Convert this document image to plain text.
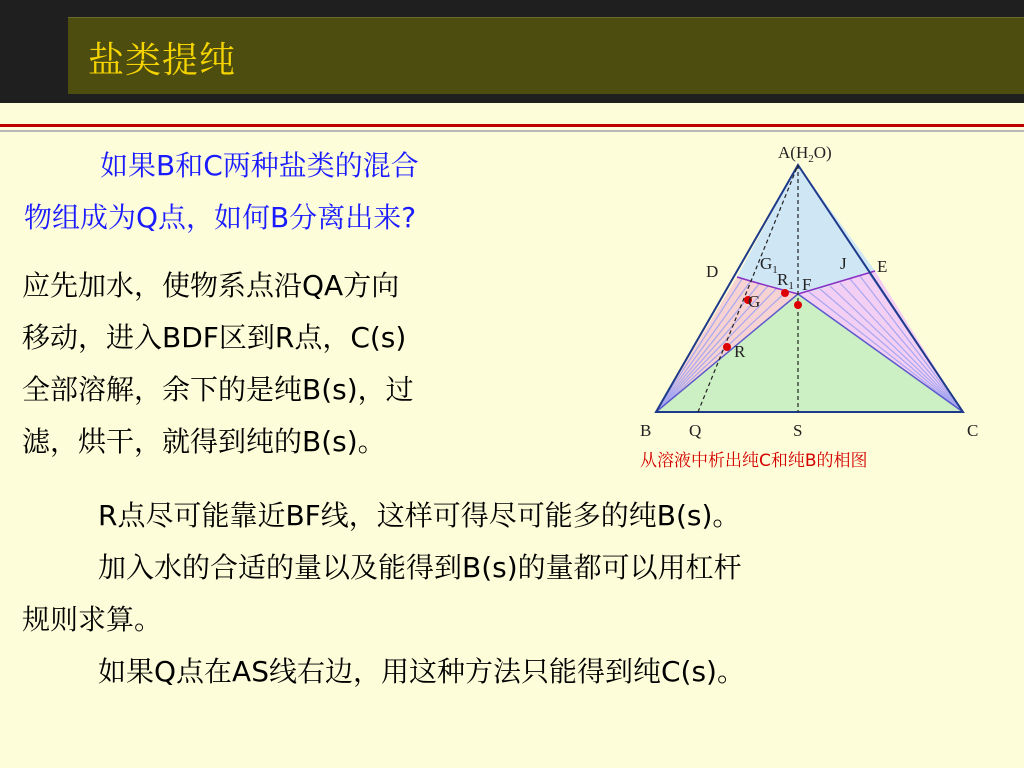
盐类提纯
如果B和C两种盐类的混合
物组成为Q点，如何B分离出来?
应先加水，使物系点沿QA方向
移动，进入BDF区到R点，C(s)
全部溶解，余下的是纯B(s)，过
滤，烘干，就得到纯的B(s)。
R点尽可能靠近BF线，这样可得尽可能多的纯B(s)。
加入水的合适的量以及能得到B(s)的量都可以用杠杆
规则求算。
如果Q点在AS线右边，用这种方法只能得到纯C(s)。
$A(H_2O)$
D	E
J
$G_1$ $R_1$ F
G
R
B Q	S	C
从溶液中析出纯C和纯B的相图
